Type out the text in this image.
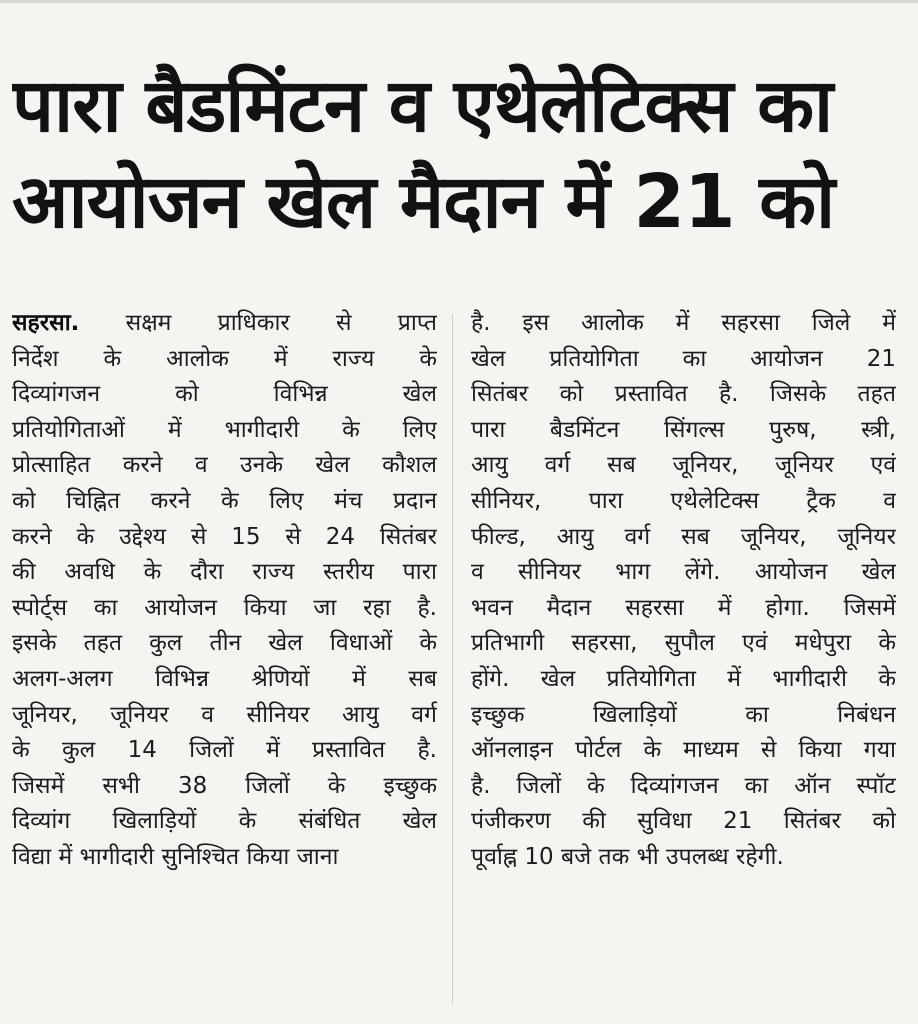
पारा बैडमिंटन व एथेलेटिक्स का
आयोजन खेल मैदान में 21 को
सहरसा. सक्षम प्राधिकार से प्राप्त
निर्देश के आलोक में राज्य के
दिव्यांगजन को विभिन्न खेल
प्रतियोगिताओं में भागीदारी के लिए
प्रोत्साहित करने व उनके खेल कौशल
को चिह्नित करने के लिए मंच प्रदान
करने के उद्देश्य से 15 से 24 सितंबर
की अवधि के दौरा राज्य स्तरीय पारा
स्पोर्ट्स का आयोजन किया जा रहा है.
इसके तहत कुल तीन खेल विधाओं के
अलग-अलग विभिन्न श्रेणियों में सब
जूनियर, जूनियर व सीनियर आयु वर्ग
के कुल 14 जिलों में प्रस्तावित है.
जिसमें सभी 38 जिलों के इच्छुक
दिव्यांग खिलाड़ियों के संबंधित खेल
विद्या में भागीदारी सुनिश्चित किया जाना
है. इस आलोक में सहरसा जिले में
खेल प्रतियोगिता का आयोजन 21
सितंबर को प्रस्तावित है. जिसके तहत
पारा बैडमिंटन सिंगल्स पुरुष, स्त्री,
आयु वर्ग सब जूनियर, जूनियर एवं
सीनियर, पारा एथेलेटिक्स ट्रैक व
फील्ड, आयु वर्ग सब जूनियर, जूनियर
व सीनियर भाग लेंगे. आयोजन खेल
भवन मैदान सहरसा में होगा. जिसमें
प्रतिभागी सहरसा, सुपौल एवं मधेपुरा के
होंगे. खेल प्रतियोगिता में भागीदारी के
इच्छुक खिलाड़ियों का निबंधन
ऑनलाइन पोर्टल के माध्यम से किया गया
है. जिलों के दिव्यांगजन का ऑन स्पॉट
पंजीकरण की सुविधा 21 सितंबर को
पूर्वाह्न 10 बजे तक भी उपलब्ध रहेगी.
